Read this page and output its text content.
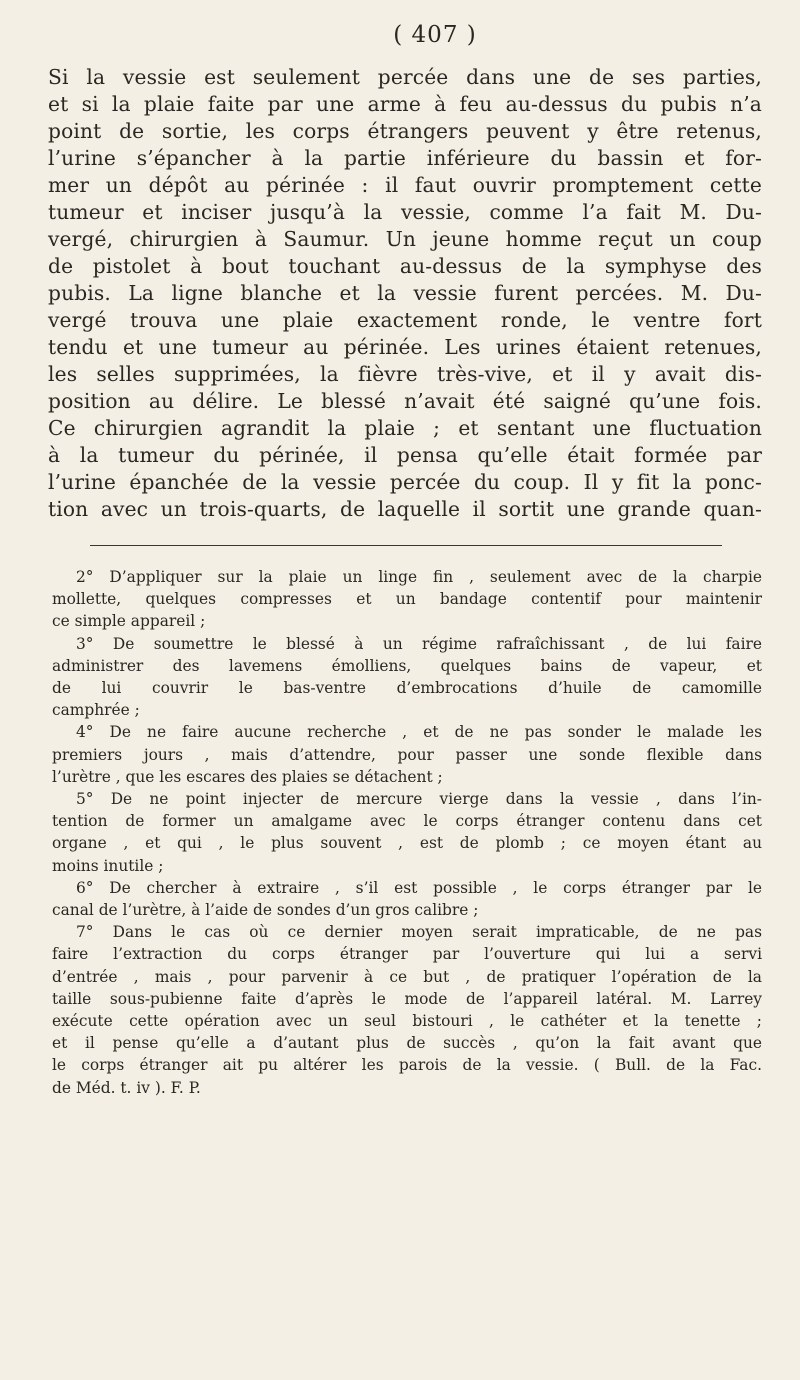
( 407 )
Si la vessie est seulement percée dans une de ses parties,
et si la plaie faite par une arme à feu au-dessus du pubis n’a
point de sortie, les corps étrangers peuvent y être retenus,
l’urine s’épancher à la partie inférieure du bassin et for-
mer un dépôt au périnée : il faut ouvrir promptement cette
tumeur et inciser jusqu’à la vessie, comme l’a fait M. Du-
vergé, chirurgien à Saumur. Un jeune homme reçut un coup
de pistolet à bout touchant au-dessus de la symphyse des
pubis. La ligne blanche et la vessie furent percées. M. Du-
vergé trouva une plaie exactement ronde, le ventre fort
tendu et une tumeur au périnée. Les urines étaient retenues,
les selles supprimées, la fièvre très-vive, et il y avait dis-
position au délire. Le blessé n’avait été saigné qu’une fois.
Ce chirurgien agrandit la plaie ; et sentant une fluctuation
à la tumeur du périnée, il pensa qu’elle était formée par
l’urine épanchée de la vessie percée du coup. Il y fit la ponc-
tion avec un trois-quarts, de laquelle il sortit une grande quan-
2° D’appliquer sur la plaie un linge fin , seulement avec de la charpie
mollette, quelques compresses et un bandage contentif pour maintenir
ce simple appareil ;
3° De soumettre le blessé à un régime rafraîchissant , de lui faire
administrer des lavemens émolliens, quelques bains de vapeur, et
de lui couvrir le bas-ventre d’embrocations d’huile de camomille
camphrée ;
4° De ne faire aucune recherche , et de ne pas sonder le malade les
premiers jours , mais d’attendre, pour passer une sonde flexible dans
l’urètre , que les escares des plaies se détachent ;
5° De ne point injecter de mercure vierge dans la vessie , dans l’in-
tention de former un amalgame avec le corps étranger contenu dans cet
organe , et qui , le plus souvent , est de plomb ; ce moyen étant au
moins inutile ;
6° De chercher à extraire , s’il est possible , le corps étranger par le
canal de l’urètre, à l’aide de sondes d’un gros calibre ;
7° Dans le cas où ce dernier moyen serait impraticable, de ne pas
faire l’extraction du corps étranger par l’ouverture qui lui a servi
d’entrée , mais , pour parvenir à ce but , de pratiquer l’opération de la
taille sous-pubienne faite d’après le mode de l’appareil latéral. M. Larrey
exécute cette opération avec un seul bistouri , le cathéter et la tenette ;
et il pense qu’elle a d’autant plus de succès , qu’on la fait avant que
le corps étranger ait pu altérer les parois de la vessie. ( Bull. de la Fac.
de Méd. t. iv ). F. P.
